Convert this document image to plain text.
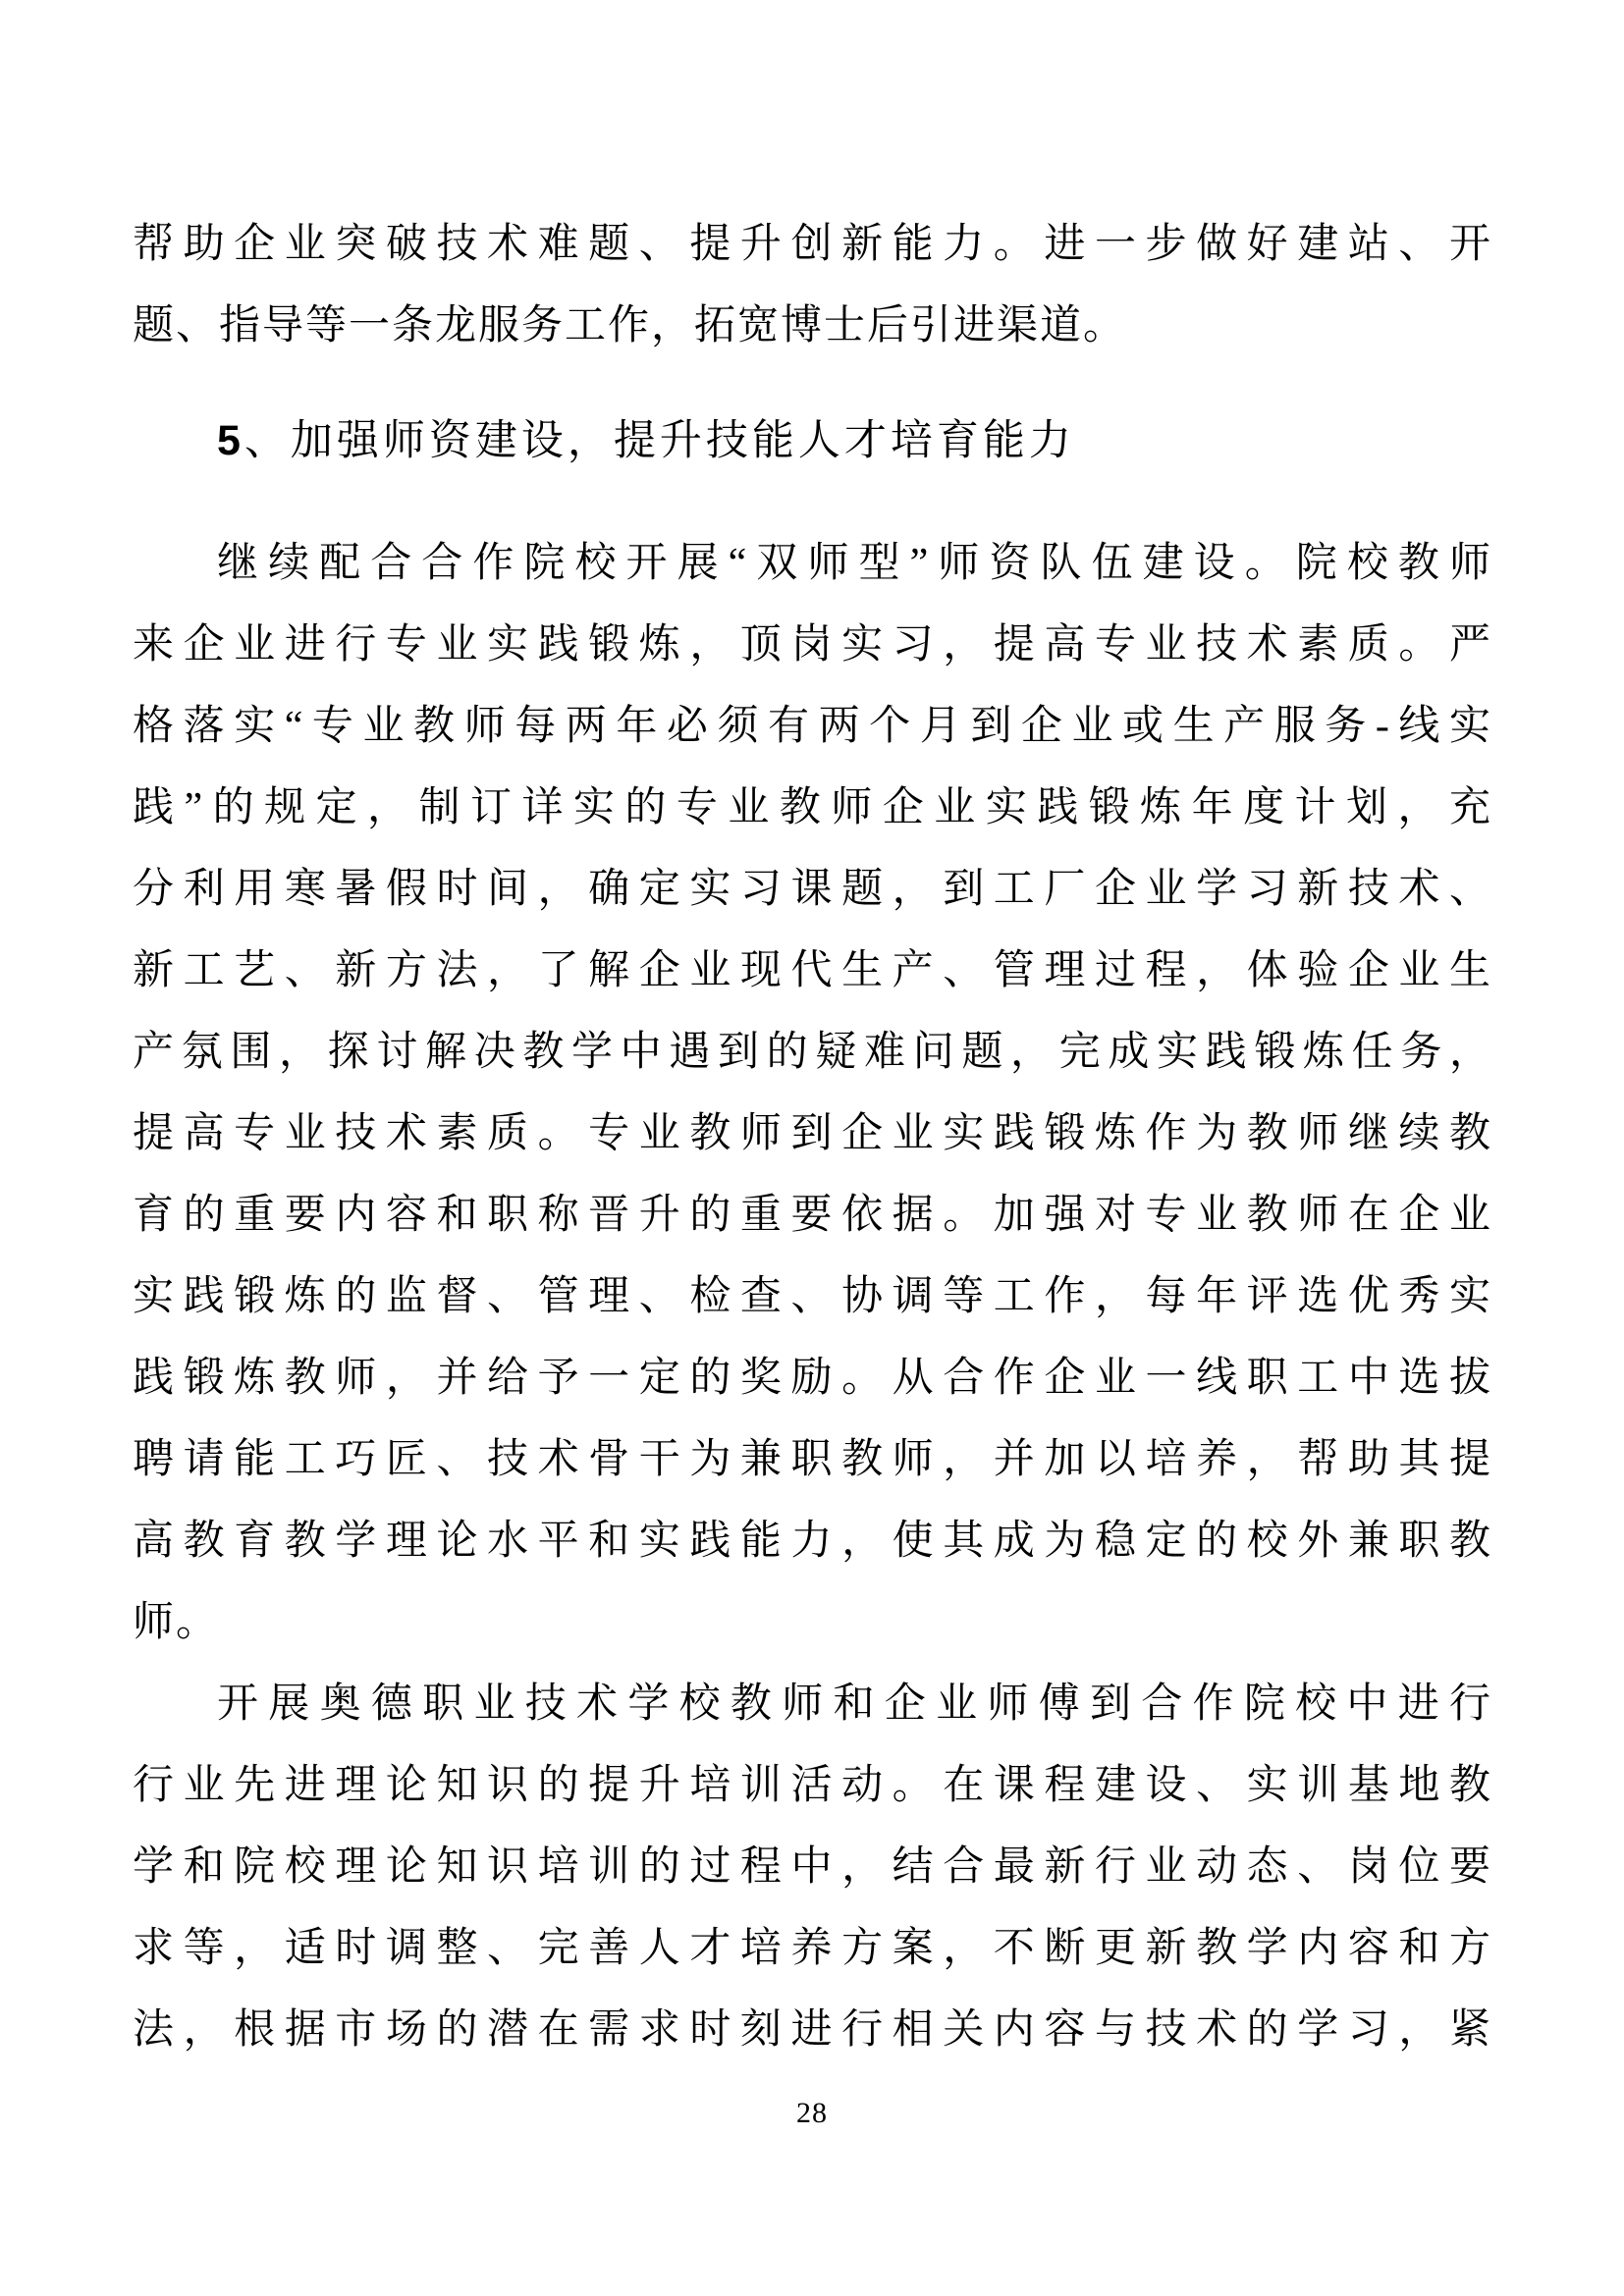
帮助企业突破技术难题、提升创新能力。进一步做好建站、开

题、指导等一条龙服务工作，拓宽博士后引进渠道。

5、加强师资建设，提升技能人才培育能力

继续配合合作院校开展“双师型”师资队伍建设。院校教师

来企业进行专业实践锻炼，顶岗实习，提高专业技术素质。严

格落实“专业教师每两年必须有两个月到企业或生产服务-线实

践”的规定，制订详实的专业教师企业实践锻炼年度计划，充

分利用寒暑假时间，确定实习课题，到工厂企业学习新技术、

新工艺、新方法，了解企业现代生产、管理过程，体验企业生

产氛围，探讨解决教学中遇到的疑难问题，完成实践锻炼任务，

提高专业技术素质。专业教师到企业实践锻炼作为教师继续教

育的重要内容和职称晋升的重要依据。加强对专业教师在企业

实践锻炼的监督、管理、检查、协调等工作，每年评选优秀实

践锻炼教师，并给予一定的奖励。从合作企业一线职工中选拔

聘请能工巧匠、技术骨干为兼职教师，并加以培养，帮助其提

高教育教学理论水平和实践能力，使其成为稳定的校外兼职教

师。

开展奥德职业技术学校教师和企业师傅到合作院校中进行

行业先进理论知识的提升培训活动。在课程建设、实训基地教

学和院校理论知识培训的过程中，结合最新行业动态、岗位要

求等，适时调整、完善人才培养方案，不断更新教学内容和方

法，根据市场的潜在需求时刻进行相关内容与技术的学习，紧

28
